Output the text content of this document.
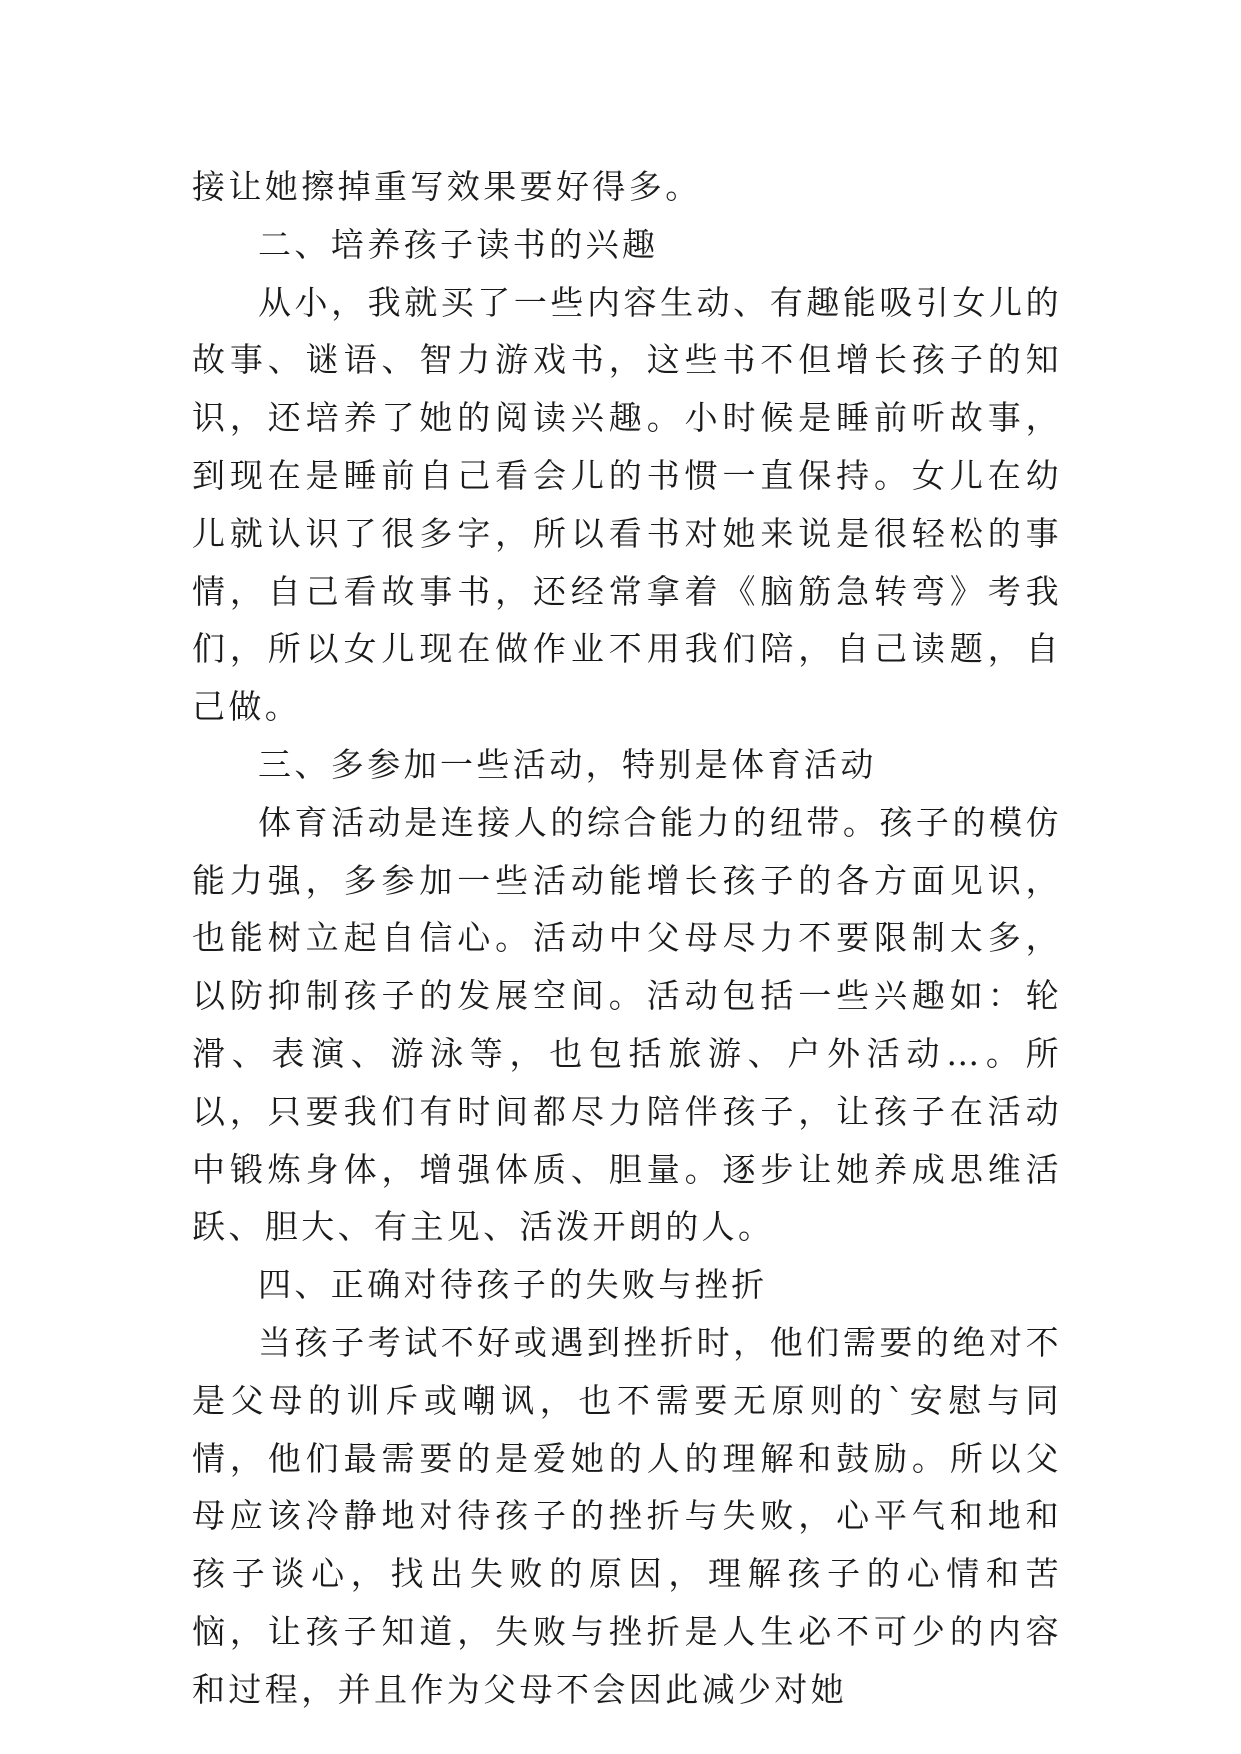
接让她擦掉重写效果要好得多。

二、培养孩子读书的兴趣

从小，我就买了一些内容生动、有趣能吸引女儿的故事、谜语、智力游戏书，这些书不但增长孩子的知识，还培养了她的阅读兴趣。小时候是睡前听故事，到现在是睡前自己看会儿的书惯一直保持。女儿在幼儿就认识了很多字，所以看书对她来说是很轻松的事情，自己看故事书，还经常拿着《脑筋急转弯》考我们，所以女儿现在做作业不用我们陪，自己读题，自己做。

三、多参加一些活动，特别是体育活动

体育活动是连接人的综合能力的纽带。孩子的模仿能力强，多参加一些活动能增长孩子的各方面见识，也能树立起自信心。活动中父母尽力不要限制太多，以防抑制孩子的发展空间。活动包括一些兴趣如：轮滑、表演、游泳等，也包括旅游、户外活动…。所以，只要我们有时间都尽力陪伴孩子，让孩子在活动中锻炼身体，增强体质、胆量。逐步让她养成思维活跃、胆大、有主见、活泼开朗的人。

四、正确对待孩子的失败与挫折

当孩子考试不好或遇到挫折时，他们需要的绝对不是父母的训斥或嘲讽，也不需要无原则的`安慰与同情，他们最需要的是爱她的人的理解和鼓励。所以父母应该冷静地对待孩子的挫折与失败，心平气和地和孩子谈心，找出失败的原因，理解孩子的心情和苦恼，让孩子知道，失败与挫折是人生必不可少的内容和过程，并且作为父母不会因此减少对她
